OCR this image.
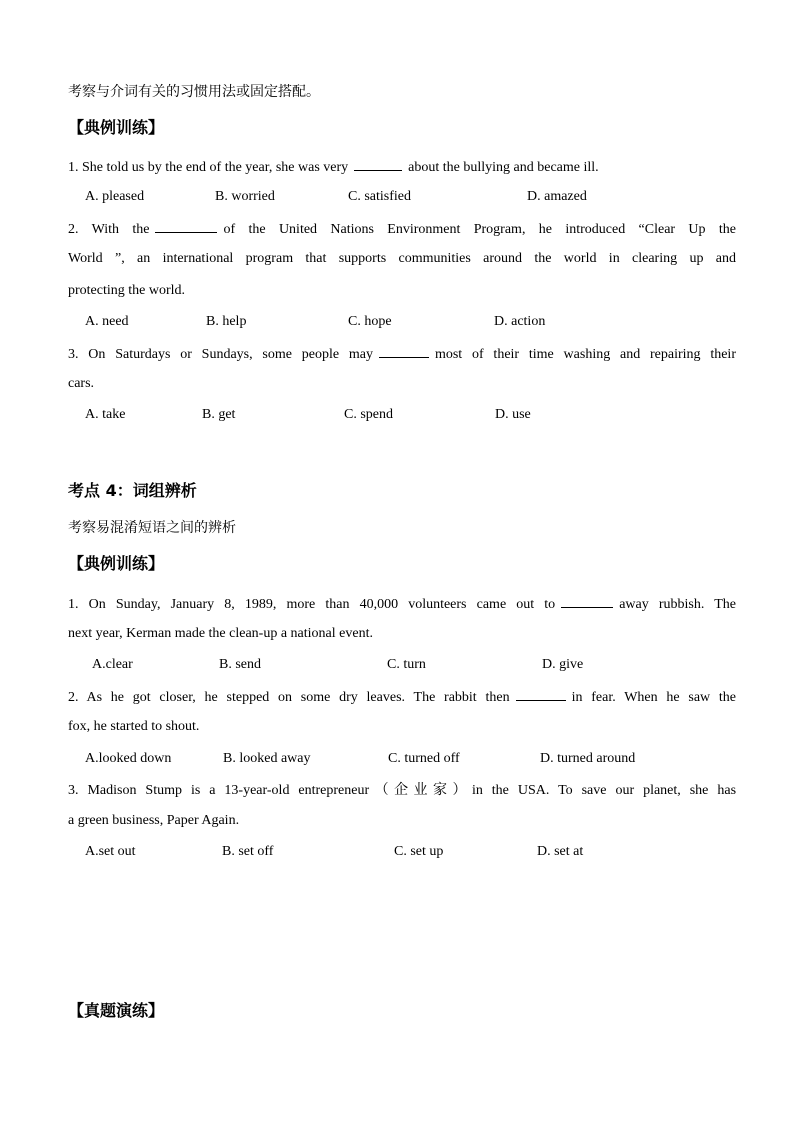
考察与介词有关的习惯用法或固定搭配。
【典例训练】
1. She told us by the end of the year, she was very	about the bullying and became ill.
A. pleased	B. worried	C. satisfied	D. amazed
2. With the	of the United Nations Environment Program, he introduced “Clear Up the
World ”, an international program that supports communities around the world in clearing up and
protecting the world.
A. need	B. help	C. hope	D. action
3. On Saturdays or Sundays, some people may	most of their time washing and repairing their
cars.
A. take	B. get	C. spend	D. use
考点 4：词组辨析
考察易混淆短语之间的辨析
【典例训练】
1. On Sunday, January 8, 1989, more than 40,000 volunteers came out to	away rubbish. The
next year, Kerman made the clean-up a national event.
A.clear	B. send	C. turn	D. give
2. As he got closer, he stepped on some dry leaves. The rabbit then	in fear. When he saw the
fox, he started to shout.
A.looked down	B. looked away	C. turned off	D. turned around
3. Madison Stump is a 13-year-old entrepreneur（企业家）in the USA. To save our planet, she has
a green business, Paper Again.
A.set out	B. set off	C. set up	D. set at
【真题演练】
